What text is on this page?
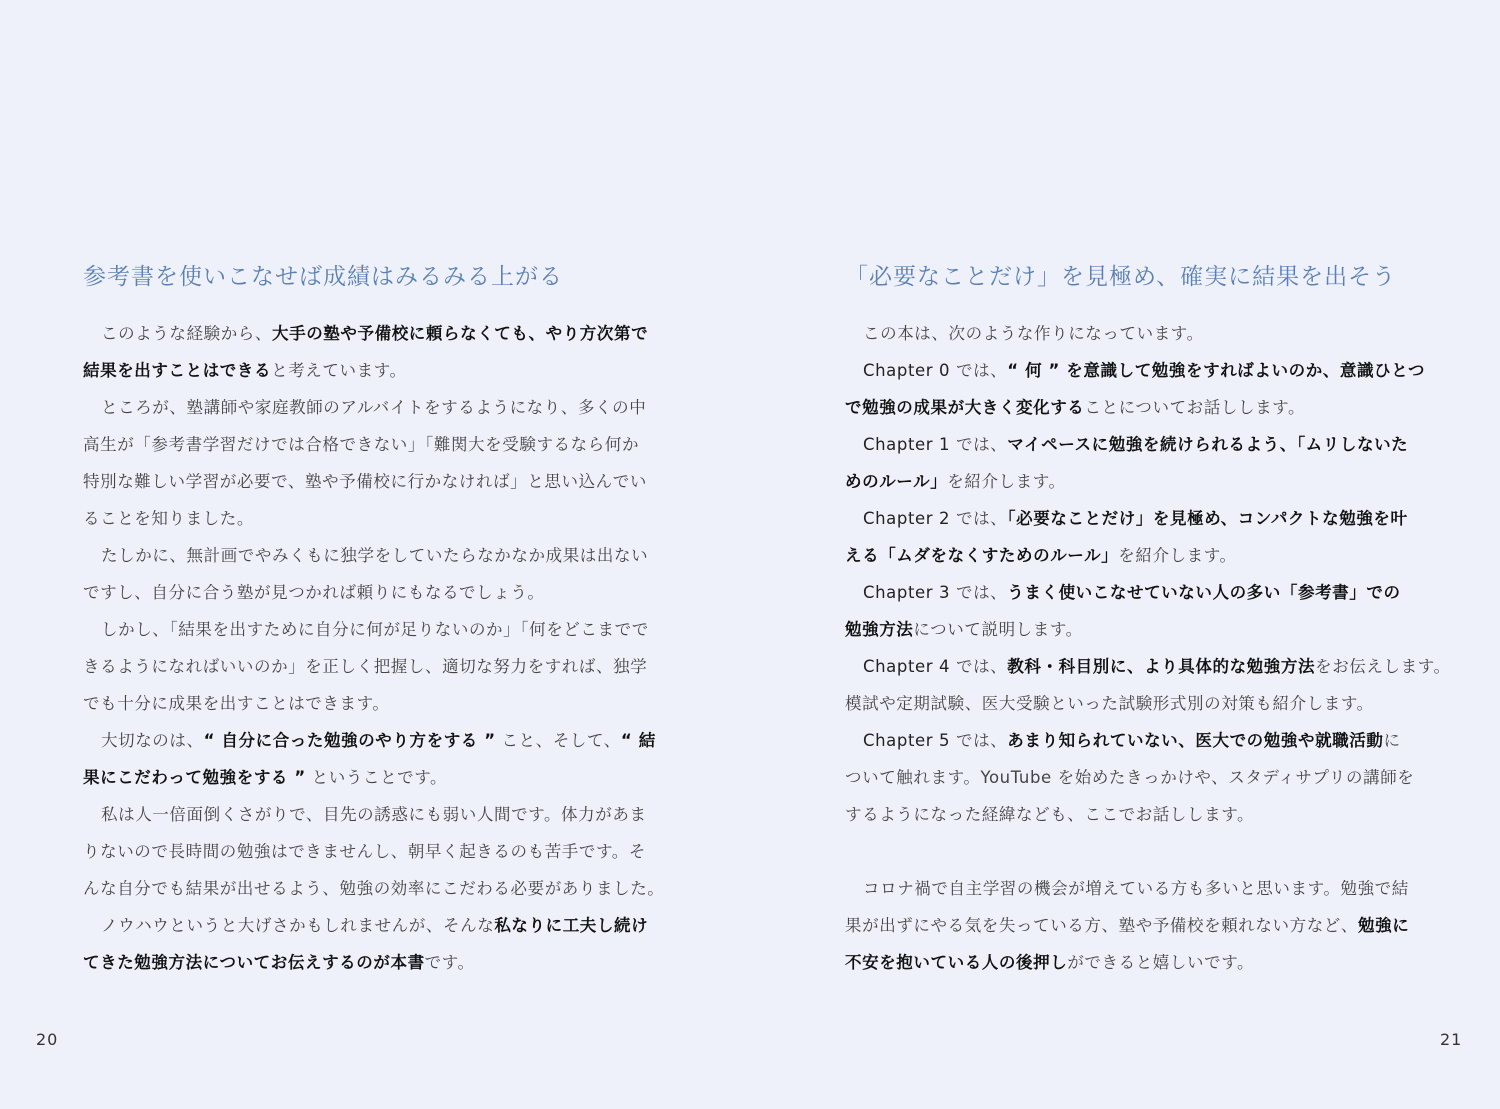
参考書を使いこなせば成績はみるみる上がる
このような経験から、大手の塾や予備校に頼らなくても、やり方次第で
結果を出すことはできると考えています。
ところが、塾講師や家庭教師のアルバイトをするようになり、多くの中
高生が「参考書学習だけでは合格できない」「難関大を受験するなら何か
特別な難しい学習が必要で、塾や予備校に行かなければ」と思い込んでい
ることを知りました。
たしかに、無計画でやみくもに独学をしていたらなかなか成果は出ない
ですし、自分に合う塾が見つかれば頼りにもなるでしょう。
しかし、「結果を出すために自分に何が足りないのか」「何をどこまでで
きるようになればいいのか」を正しく把握し、適切な努力をすれば、独学
でも十分に成果を出すことはできます。
大切なのは、“ 自分に合った勉強のやり方をする ” こと、そして、“ 結
果にこだわって勉強をする ” ということです。
私は人一倍面倒くさがりで、目先の誘惑にも弱い人間です。体力があま
りないので長時間の勉強はできませんし、朝早く起きるのも苦手です。そ
んな自分でも結果が出せるよう、勉強の効率にこだわる必要がありました。
ノウハウというと大げさかもしれませんが、そんな私なりに工夫し続け
てきた勉強方法についてお伝えするのが本書です。
20
「必要なことだけ」を見極め、確実に結果を出そう
この本は、次のような作りになっています。
Chapter 0 では、“ 何 ” を意識して勉強をすればよいのか、意識ひとつ
で勉強の成果が大きく変化することについてお話しします。
Chapter 1 では、マイペースに勉強を続けられるよう、「ムリしないた
めのルール」を紹介します。
Chapter 2 では、「必要なことだけ」を見極め、コンパクトな勉強を叶
える「ムダをなくすためのルール」を紹介します。
Chapter 3 では、うまく使いこなせていない人の多い「参考書」での
勉強方法について説明します。
Chapter 4 では、教科・科目別に、より具体的な勉強方法をお伝えします。
模試や定期試験、医大受験といった試験形式別の対策も紹介します。
Chapter 5 では、あまり知られていない、医大での勉強や就職活動に
ついて触れます。YouTube を始めたきっかけや、スタディサプリの講師を
するようになった経緯なども、ここでお話しします。
コロナ禍で自主学習の機会が増えている方も多いと思います。勉強で結
果が出ずにやる気を失っている方、塾や予備校を頼れない方など、勉強に
不安を抱いている人の後押しができると嬉しいです。
21
